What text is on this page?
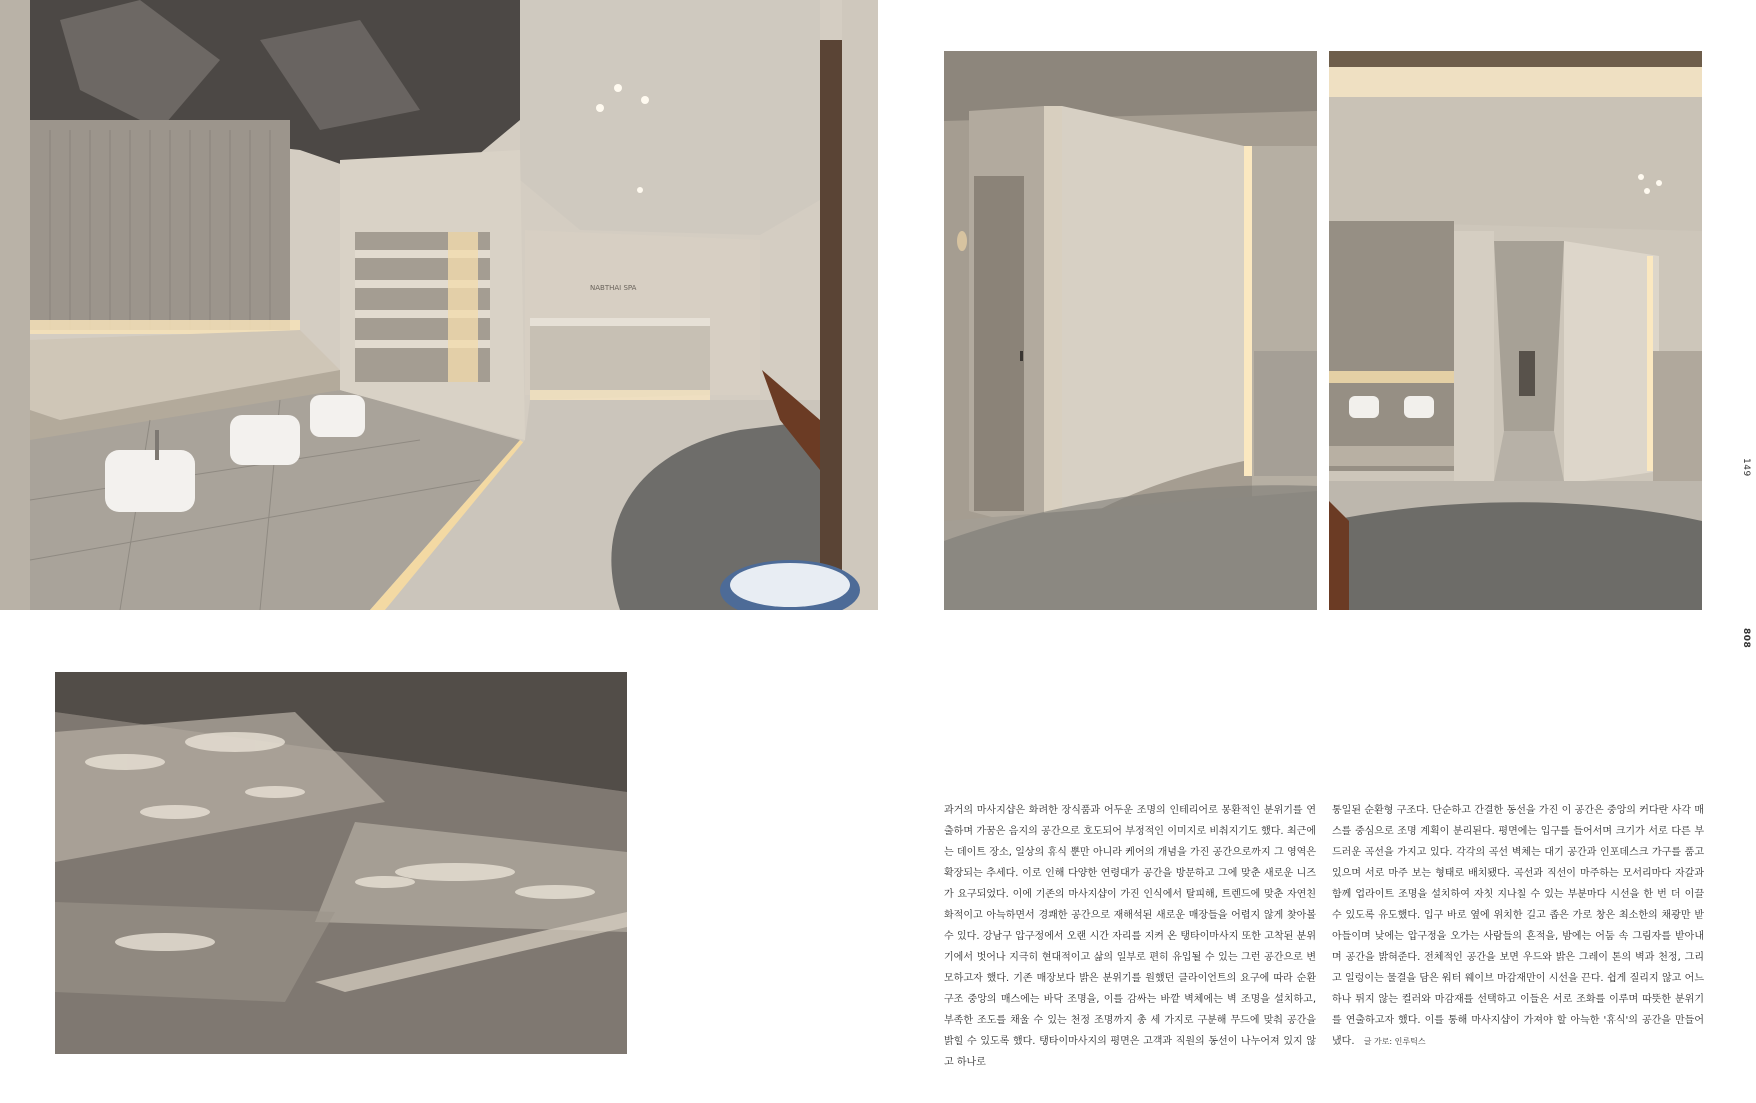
NABTHAI SPA
149
808
과거의 마사지샵은 화려한 장식품과 어두운 조명의 인테리어로 몽환적인 분위기를 연출하며 가꿈은 음지의 공간으로 호도되어 부정적인 이미지로 비춰지기도 했다. 최근에는 데이트 장소, 일상의 휴식 뿐만 아니라 케어의 개념을 가진 공간으로까지 그 영역은 확장되는 추세다. 이로 인해 다양한 연령대가 공간을 방문하고 그에 맞춘 새로운 니즈가 요구되었다. 이에 기존의 마사지샵이 가진 인식에서 탈피해, 트렌드에 맞춘 자연친화적이고 아늑하면서 경쾌한 공간으로 재해석된 새로운 매장들을 어렵지 않게 찾아볼 수 있다. 강남구 압구정에서 오랜 시간 자리를 지켜 온 탱타이마사지 또한 고착된 분위기에서 벗어나 지극히 현대적이고 삶의 일부로 편히 유입될 수 있는 그런 공간으로 변모하고자 했다. 기존 매장보다 밝은 분위기를 원했던 클라이언트의 요구에 따라 순환 구조 중앙의 매스에는 바닥 조명을, 이를 감싸는 바깥 벽체에는 벽 조명을 설치하고, 부족한 조도를 채울 수 있는 천정 조명까지 총 세 가지로 구분해 무드에 맞춰 공간을 밝힐 수 있도록 했다. 탱타이마사지의 평면은 고객과 직원의 동선이 나누어져 있지 않고 하나로
통일된 순환형 구조다. 단순하고 간결한 동선을 가진 이 공간은 중앙의 커다란 사각 매스를 중심으로 조명 계획이 분리된다. 평면에는 입구를 들어서며 크기가 서로 다른 부드러운 곡선을 가지고 있다. 각각의 곡선 벽체는 대기 공간과 인포데스크 가구를 품고 있으며 서로 마주 보는 형태로 배치됐다. 곡선과 직선이 마주하는 모서리마다 자갈과 함께 업라이트 조명을 설치하여 자칫 지나칠 수 있는 부분마다 시선을 한 번 더 이끌 수 있도록 유도했다. 입구 바로 옆에 위치한 길고 좁은 가로 창은 최소한의 채광만 받아들이며 낮에는 압구정을 오가는 사람들의 흔적을, 밤에는 어둠 속 그림자를 받아내며 공간을 밝혀준다. 전체적인 공간을 보면 우드와 밝은 그레이 톤의 벽과 천정, 그리고 일렁이는 물결을 담은 워터 웨이브 마감재만이 시선을 끈다. 쉽게 질리지 않고 어느 하나 튀지 않는 컬러와 마감재를 선택하고 이들은 서로 조화를 이루며 따뜻한 분위기를 연출하고자 했다. 이를 통해 마사지샵이 가져야 할 아늑한 '휴식'의 공간을 만들어냈다. 글 가로: 인루틱스
